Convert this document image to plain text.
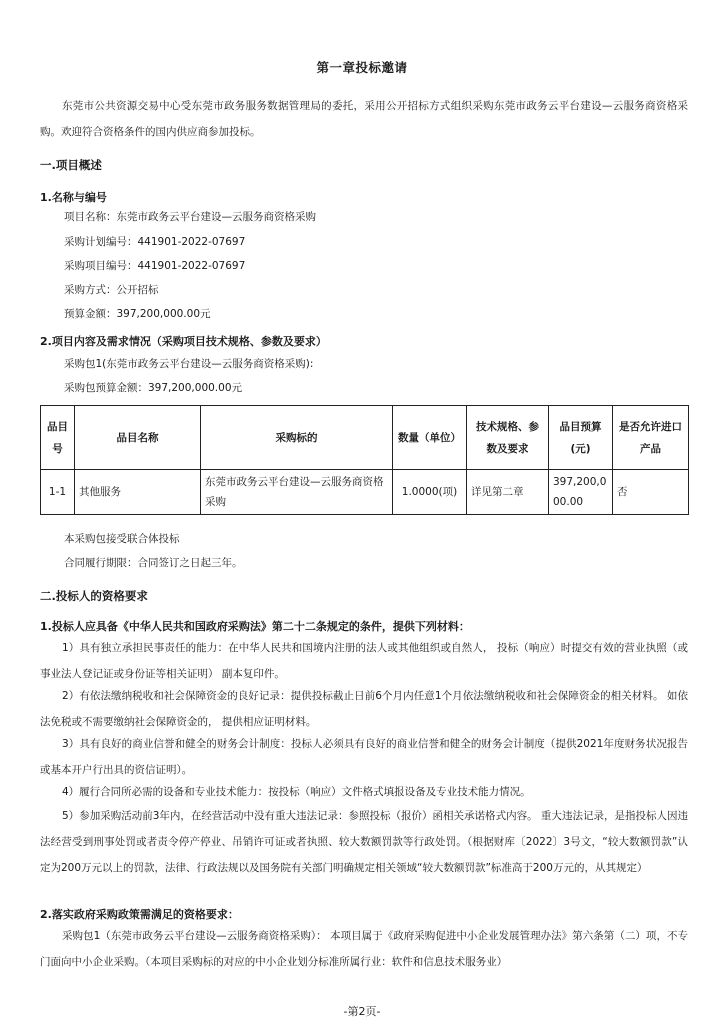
第一章投标邀请
东莞市公共资源交易中心受东莞市政务服务数据管理局的委托，采用公开招标方式组织采购东莞市政务云平台建设—云服务商资格采购。欢迎符合资格条件的国内供应商参加投标。
一.项目概述
1.名称与编号
项目名称：东莞市政务云平台建设—云服务商资格采购
采购计划编号：441901-2022-07697
采购项目编号：441901-2022-07697
采购方式：公开招标
预算金额：397,200,000.00元
2.项目内容及需求情况（采购项目技术规格、参数及要求）
采购包1(东莞市政务云平台建设—云服务商资格采购):
采购包预算金额：397,200,000.00元
品目号	品目名称	采购标的	数量（单位）	技术规格、参数及要求	品目预算(元)	是否允许进口产品
1-1	其他服务	东莞市政务云平台建设—云服务商资格采购	1.0000(项)	详见第二章	397,200,000.00	否
本采购包接受联合体投标
合同履行期限：合同签订之日起三年。
二.投标人的资格要求
1.投标人应具备《中华人民共和国政府采购法》第二十二条规定的条件，提供下列材料：
1）具有独立承担民事责任的能力：在中华人民共和国境内注册的法人或其他组织或自然人， 投标（响应）时提交有效的营业执照（或事业法人登记证或身份证等相关证明） 副本复印件。
2）有依法缴纳税收和社会保障资金的良好记录：提供投标截止日前6个月内任意1个月依法缴纳税收和社会保障资金的相关材料。 如依法免税或不需要缴纳社会保障资金的， 提供相应证明材料。
3）具有良好的商业信誉和健全的财务会计制度：投标人必须具有良好的商业信誉和健全的财务会计制度（提供2021年度财务状况报告或基本开户行出具的资信证明）。
4）履行合同所必需的设备和专业技术能力：按投标（响应）文件格式填报设备及专业技术能力情况。
5）参加采购活动前3年内，在经营活动中没有重大违法记录：参照投标（报价）函相关承诺格式内容。 重大违法记录，是指投标人因违法经营受到刑事处罚或者责令停产停业、吊销许可证或者执照、较大数额罚款等行政处罚。（根据财库〔2022〕3号文，“较大数额罚款”认定为200万元以上的罚款，法律、行政法规以及国务院有关部门明确规定相关领域“较大数额罚款”标准高于200万元的，从其规定）
2.落实政府采购政策需满足的资格要求：
采购包1（东莞市政务云平台建设—云服务商资格采购）： 本项目属于《政府采购促进中小企业发展管理办法》第六条第（二）项，不专门面向中小企业采购。（本项目采购标的对应的中小企业划分标准所属行业：软件和信息技术服务业）
-第2页-
